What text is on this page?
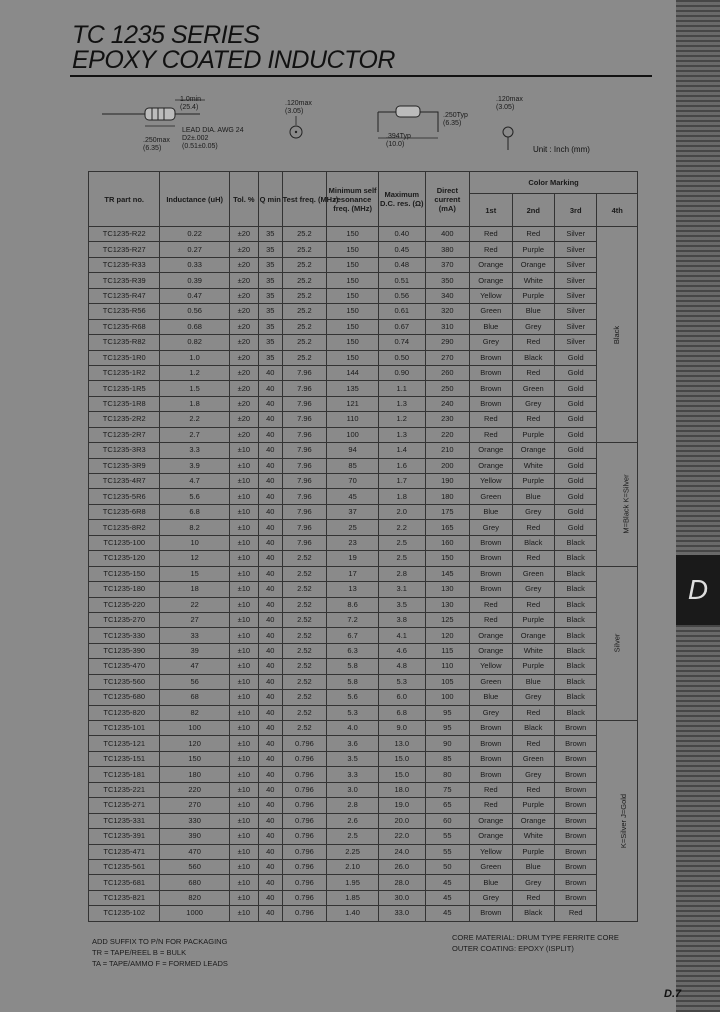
TC 1235 SERIES
EPOXY COATED INDUCTOR
D
1.0min
(25.4)
LEAD DIA. AWG 24
D2±.002
(0.51±0.05)
.250max
(6.35)
.120max
(3.05)
.250Typ
(6.35)
.394Typ
(10.0)
.120max
(3.05)
Unit : Inch (mm)
TR part no.	Inductance (uH)	Tol. %	Q min	Test freq. (MHz)	Minimum self resonance freq. (MHz)	Maximum D.C. res. (Ω)	Direct current (mA)	Color Marking			
								1st	2nd	3rd	4th
TC1235-R22	0.22	±20	35	25.2	150	0.40	400	Red	Red	Silver	Black
TC1235-R27	0.27	±20	35	25.2	150	0.45	380	Red	Purple	Silver	
TC1235-R33	0.33	±20	35	25.2	150	0.48	370	Orange	Orange	Silver	
TC1235-R39	0.39	±20	35	25.2	150	0.51	350	Orange	White	Silver	
TC1235-R47	0.47	±20	35	25.2	150	0.56	340	Yellow	Purple	Silver	
TC1235-R56	0.56	±20	35	25.2	150	0.61	320	Green	Blue	Silver	
TC1235-R68	0.68	±20	35	25.2	150	0.67	310	Blue	Grey	Silver	
TC1235-R82	0.82	±20	35	25.2	150	0.74	290	Grey	Red	Silver	
TC1235-1R0	1.0	±20	35	25.2	150	0.50	270	Brown	Black	Gold	
TC1235-1R2	1.2	±20	40	7.96	144	0.90	260	Brown	Red	Gold	
TC1235-1R5	1.5	±20	40	7.96	135	1.1	250	Brown	Green	Gold	
TC1235-1R8	1.8	±20	40	7.96	121	1.3	240	Brown	Grey	Gold	
TC1235-2R2	2.2	±20	40	7.96	110	1.2	230	Red	Red	Gold	
TC1235-2R7	2.7	±20	40	7.96	100	1.3	220	Red	Purple	Gold	
TC1235-3R3	3.3	±10	40	7.96	94	1.4	210	Orange	Orange	Gold	M=Black K=Silver
TC1235-3R9	3.9	±10	40	7.96	85	1.6	200	Orange	White	Gold	
TC1235-4R7	4.7	±10	40	7.96	70	1.7	190	Yellow	Purple	Gold	
TC1235-5R6	5.6	±10	40	7.96	45	1.8	180	Green	Blue	Gold	
TC1235-6R8	6.8	±10	40	7.96	37	2.0	175	Blue	Grey	Gold	
TC1235-8R2	8.2	±10	40	7.96	25	2.2	165	Grey	Red	Gold	
TC1235-100	10	±10	40	7.96	23	2.5	160	Brown	Black	Black	
TC1235-120	12	±10	40	2.52	19	2.5	150	Brown	Red	Black	
TC1235-150	15	±10	40	2.52	17	2.8	145	Brown	Green	Black	Silver
TC1235-180	18	±10	40	2.52	13	3.1	130	Brown	Grey	Black	
TC1235-220	22	±10	40	2.52	8.6	3.5	130	Red	Red	Black	
TC1235-270	27	±10	40	2.52	7.2	3.8	125	Red	Purple	Black	
TC1235-330	33	±10	40	2.52	6.7	4.1	120	Orange	Orange	Black	
TC1235-390	39	±10	40	2.52	6.3	4.6	115	Orange	White	Black	
TC1235-470	47	±10	40	2.52	5.8	4.8	110	Yellow	Purple	Black	
TC1235-560	56	±10	40	2.52	5.8	5.3	105	Green	Blue	Black	
TC1235-680	68	±10	40	2.52	5.6	6.0	100	Blue	Grey	Black	
TC1235-820	82	±10	40	2.52	5.3	6.8	95	Grey	Red	Black	
TC1235-101	100	±10	40	2.52	4.0	9.0	95	Brown	Black	Brown	K=Silver J=Gold
TC1235-121	120	±10	40	0.796	3.6	13.0	90	Brown	Red	Brown	
TC1235-151	150	±10	40	0.796	3.5	15.0	85	Brown	Green	Brown	
TC1235-181	180	±10	40	0.796	3.3	15.0	80	Brown	Grey	Brown	
TC1235-221	220	±10	40	0.796	3.0	18.0	75	Red	Red	Brown	
TC1235-271	270	±10	40	0.796	2.8	19.0	65	Red	Purple	Brown	
TC1235-331	330	±10	40	0.796	2.6	20.0	60	Orange	Orange	Brown	
TC1235-391	390	±10	40	0.796	2.5	22.0	55	Orange	White	Brown	
TC1235-471	470	±10	40	0.796	2.25	24.0	55	Yellow	Purple	Brown	
TC1235-561	560	±10	40	0.796	2.10	26.0	50	Green	Blue	Brown	
TC1235-681	680	±10	40	0.796	1.95	28.0	45	Blue	Grey	Brown	
TC1235-821	820	±10	40	0.796	1.85	30.0	45	Grey	Red	Brown	
TC1235-102	1000	±10	40	0.796	1.40	33.0	45	Brown	Black	Red	
ADD SUFFIX TO P/N FOR PACKAGING
TR = TAPE/REEL B = BULK
TA = TAPE/AMMO F = FORMED LEADS
CORE MATERIAL: DRUM TYPE FERRITE CORE
OUTER COATING: EPOXY (ISPLIT)
D.7
